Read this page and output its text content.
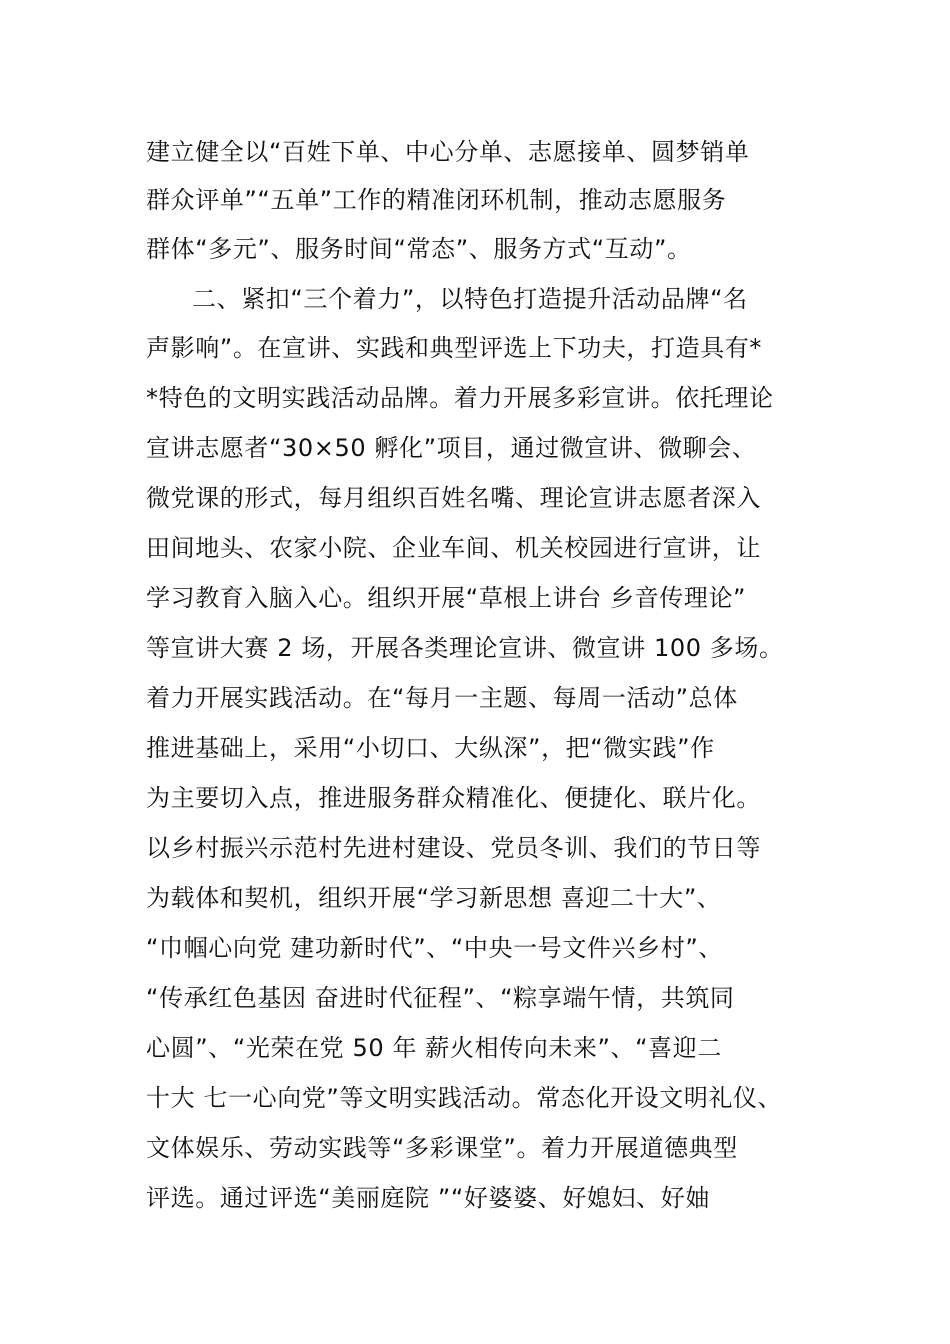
建立健全以“百姓下单、中心分单、志愿接单、圆梦销单
群众评单”“五单”工作的精准闭环机制，推动志愿服务
群体“多元”、服务时间“常态”、服务方式“互动”。
二、紧扣“三个着力”，以特色打造提升活动品牌“名
声影响”。在宣讲、实践和典型评选上下功夫，打造具有*
*特色的文明实践活动品牌。着力开展多彩宣讲。依托理论
宣讲志愿者“30×50 孵化”项目，通过微宣讲、微聊会、
微党课的形式，每月组织百姓名嘴、理论宣讲志愿者深入
田间地头、农家小院、企业车间、机关校园进行宣讲，让
学习教育入脑入心。组织开展“草根上讲台 乡音传理论”
等宣讲大赛 2 场，开展各类理论宣讲、微宣讲 100 多场。
着力开展实践活动。在“每月一主题、每周一活动”总体
推进基础上，采用“小切口、大纵深”，把“微实践”作
为主要切入点，推进服务群众精准化、便捷化、联片化。
以乡村振兴示范村先进村建设、党员冬训、我们的节日等
为载体和契机，组织开展“学习新思想 喜迎二十大”、
“巾帼心向党 建功新时代”、“中央一号文件兴乡村”、
“传承红色基因 奋进时代征程”、“粽享端午情，共筑同
心圆”、“光荣在党 50 年 薪火相传向未来”、“喜迎二
十大 七一心向党”等文明实践活动。常态化开设文明礼仪、
文体娱乐、劳动实践等“多彩课堂”。着力开展道德典型
评选。通过评选“美丽庭院 ”“好婆婆、好媳妇、好妯
